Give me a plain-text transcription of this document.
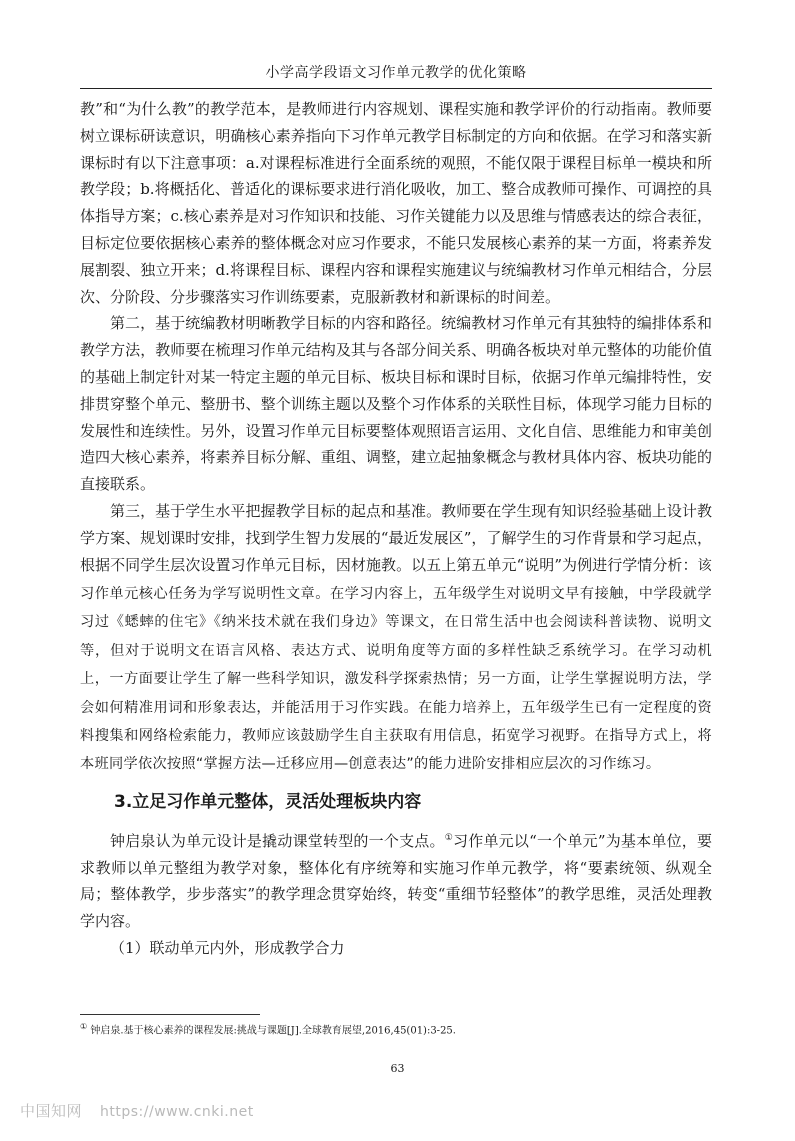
小学高学段语文习作单元教学的优化策略

教”和“为什么教”的教学范本，是教师进行内容规划、课程实施和教学评价的行动指南。教师要树立课标研读意识，明确核心素养指向下习作单元教学目标制定的方向和依据。在学习和落实新课标时有以下注意事项：a.对课程标准进行全面系统的观照，不能仅限于课程目标单一模块和所教学段；b.将概括化、普适化的课标要求进行消化吸收，加工、整合成教师可操作、可调控的具体指导方案；c.核心素养是对习作知识和技能、习作关键能力以及思维与情感表达的综合表征，目标定位要依据核心素养的整体概念对应习作要求，不能只发展核心素养的某一方面，将素养发展割裂、独立开来；d.将课程目标、课程内容和课程实施建议与统编教材习作单元相结合，分层次、分阶段、分步骤落实习作训练要素，克服新教材和新课标的时间差。

第二，基于统编教材明晰教学目标的内容和路径。统编教材习作单元有其独特的编排体系和教学方法，教师要在梳理习作单元结构及其与各部分间关系、明确各板块对单元整体的功能价值的基础上制定针对某一特定主题的单元目标、板块目标和课时目标，依据习作单元编排特性，安排贯穿整个单元、整册书、整个训练主题以及整个习作体系的关联性目标，体现学习能力目标的发展性和连续性。另外，设置习作单元目标要整体观照语言运用、文化自信、思维能力和审美创造四大核心素养，将素养目标分解、重组、调整，建立起抽象概念与教材具体内容、板块功能的直接联系。

第三，基于学生水平把握教学目标的起点和基准。教师要在学生现有知识经验基础上设计教学方案、规划课时安排，找到学生智力发展的“最近发展区”，了解学生的习作背景和学习起点，根据不同学生层次设置习作单元目标，因材施教。以五上第五单元“说明”为例进行学情分析：该习作单元核心任务为学写说明性文章。在学习内容上，五年级学生对说明文早有接触，中学段就学习过《蟋蟀的住宅》《纳米技术就在我们身边》等课文，在日常生活中也会阅读科普读物、说明文等，但对于说明文在语言风格、表达方式、说明角度等方面的多样性缺乏系统学习。在学习动机上，一方面要让学生了解一些科学知识，激发科学探索热情；另一方面，让学生掌握说明方法，学会如何精准用词和形象表达，并能活用于习作实践。在能力培养上，五年级学生已有一定程度的资料搜集和网络检索能力，教师应该鼓励学生自主获取有用信息，拓宽学习视野。在指导方式上，将本班同学依次按照“掌握方法—迁移应用—创意表达”的能力进阶安排相应层次的习作练习。

3.立足习作单元整体，灵活处理板块内容

钟启泉认为单元设计是撬动课堂转型的一个支点。①习作单元以“一个单元”为基本单位，要求教师以单元整组为教学对象，整体化有序统筹和实施习作单元教学，将“要素统领、纵观全局；整体教学，步步落实”的教学理念贯穿始终，转变“重细节轻整体”的教学思维，灵活处理教学内容。

（1）联动单元内外，形成教学合力

① 钟启泉.基于核心素养的课程发展:挑战与课题[J].全球教育展望,2016,45(01):3-25.
63
中国知网 https://www.cnki.net
